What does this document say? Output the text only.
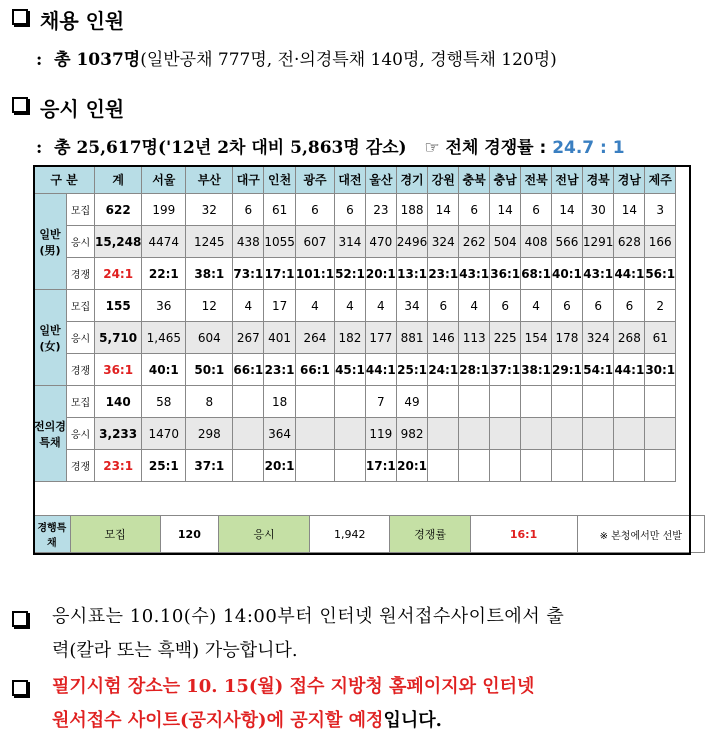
채용 인원
: 총 1037명(일반공채 777명, 전·의경특채 140명, 경행특채 120명)
응시 인원
: 총 25,617명('12년 2차 대비 5,863명 감소) ☞ 전체 경쟁률 : 24.7 : 1
구 분		계	서울	부산	대구	인천	광주	대전	울산	경기	강원	충북	충남	전북	전남	경북	경남	제주
일반(男)	모집	622	199	32	6	61	6	6	23	188	14	6	14	6	14	30	14	3
	응시	15,248	4474	1245	438	1055	607	314	470	2496	324	262	504	408	566	1291	628	166
	경쟁	24:1	22:1	38:1	73:1	17:1	101:1	52:1	20:1	13:1	23:1	43:1	36:1	68:1	40:1	43:1	44:1	56:1
일반(女)	모집	155	36	12	4	17	4	4	4	34	6	4	6	4	6	6	6	2
	응시	5,710	1,465	604	267	401	264	182	177	881	146	113	225	154	178	324	268	61
	경쟁	36:1	40:1	50:1	66:1	23:1	66:1	45:1	44:1	25:1	24:1	28:1	37:1	38:1	29:1	54:1	44:1	30:1
전의경특채	모집	140	58	8		18			7	49								
	응시	3,233	1470	298		364			119	982								
	경쟁	23:1	25:1	37:1		20:1			17:1	20:1								
경행특채	모집	120	응시	1,942	경쟁률	16:1	※ 본청에서만 선발
응시표는 10.10(수) 14:00부터 인터넷 원서접수사이트에서 출
력(칼라 또는 흑백) 가능합니다.
필기시험 장소는 10. 15(월) 접수 지방청 홈페이지와 인터넷
원서접수 사이트(공지사항)에 공지할 예정입니다.
